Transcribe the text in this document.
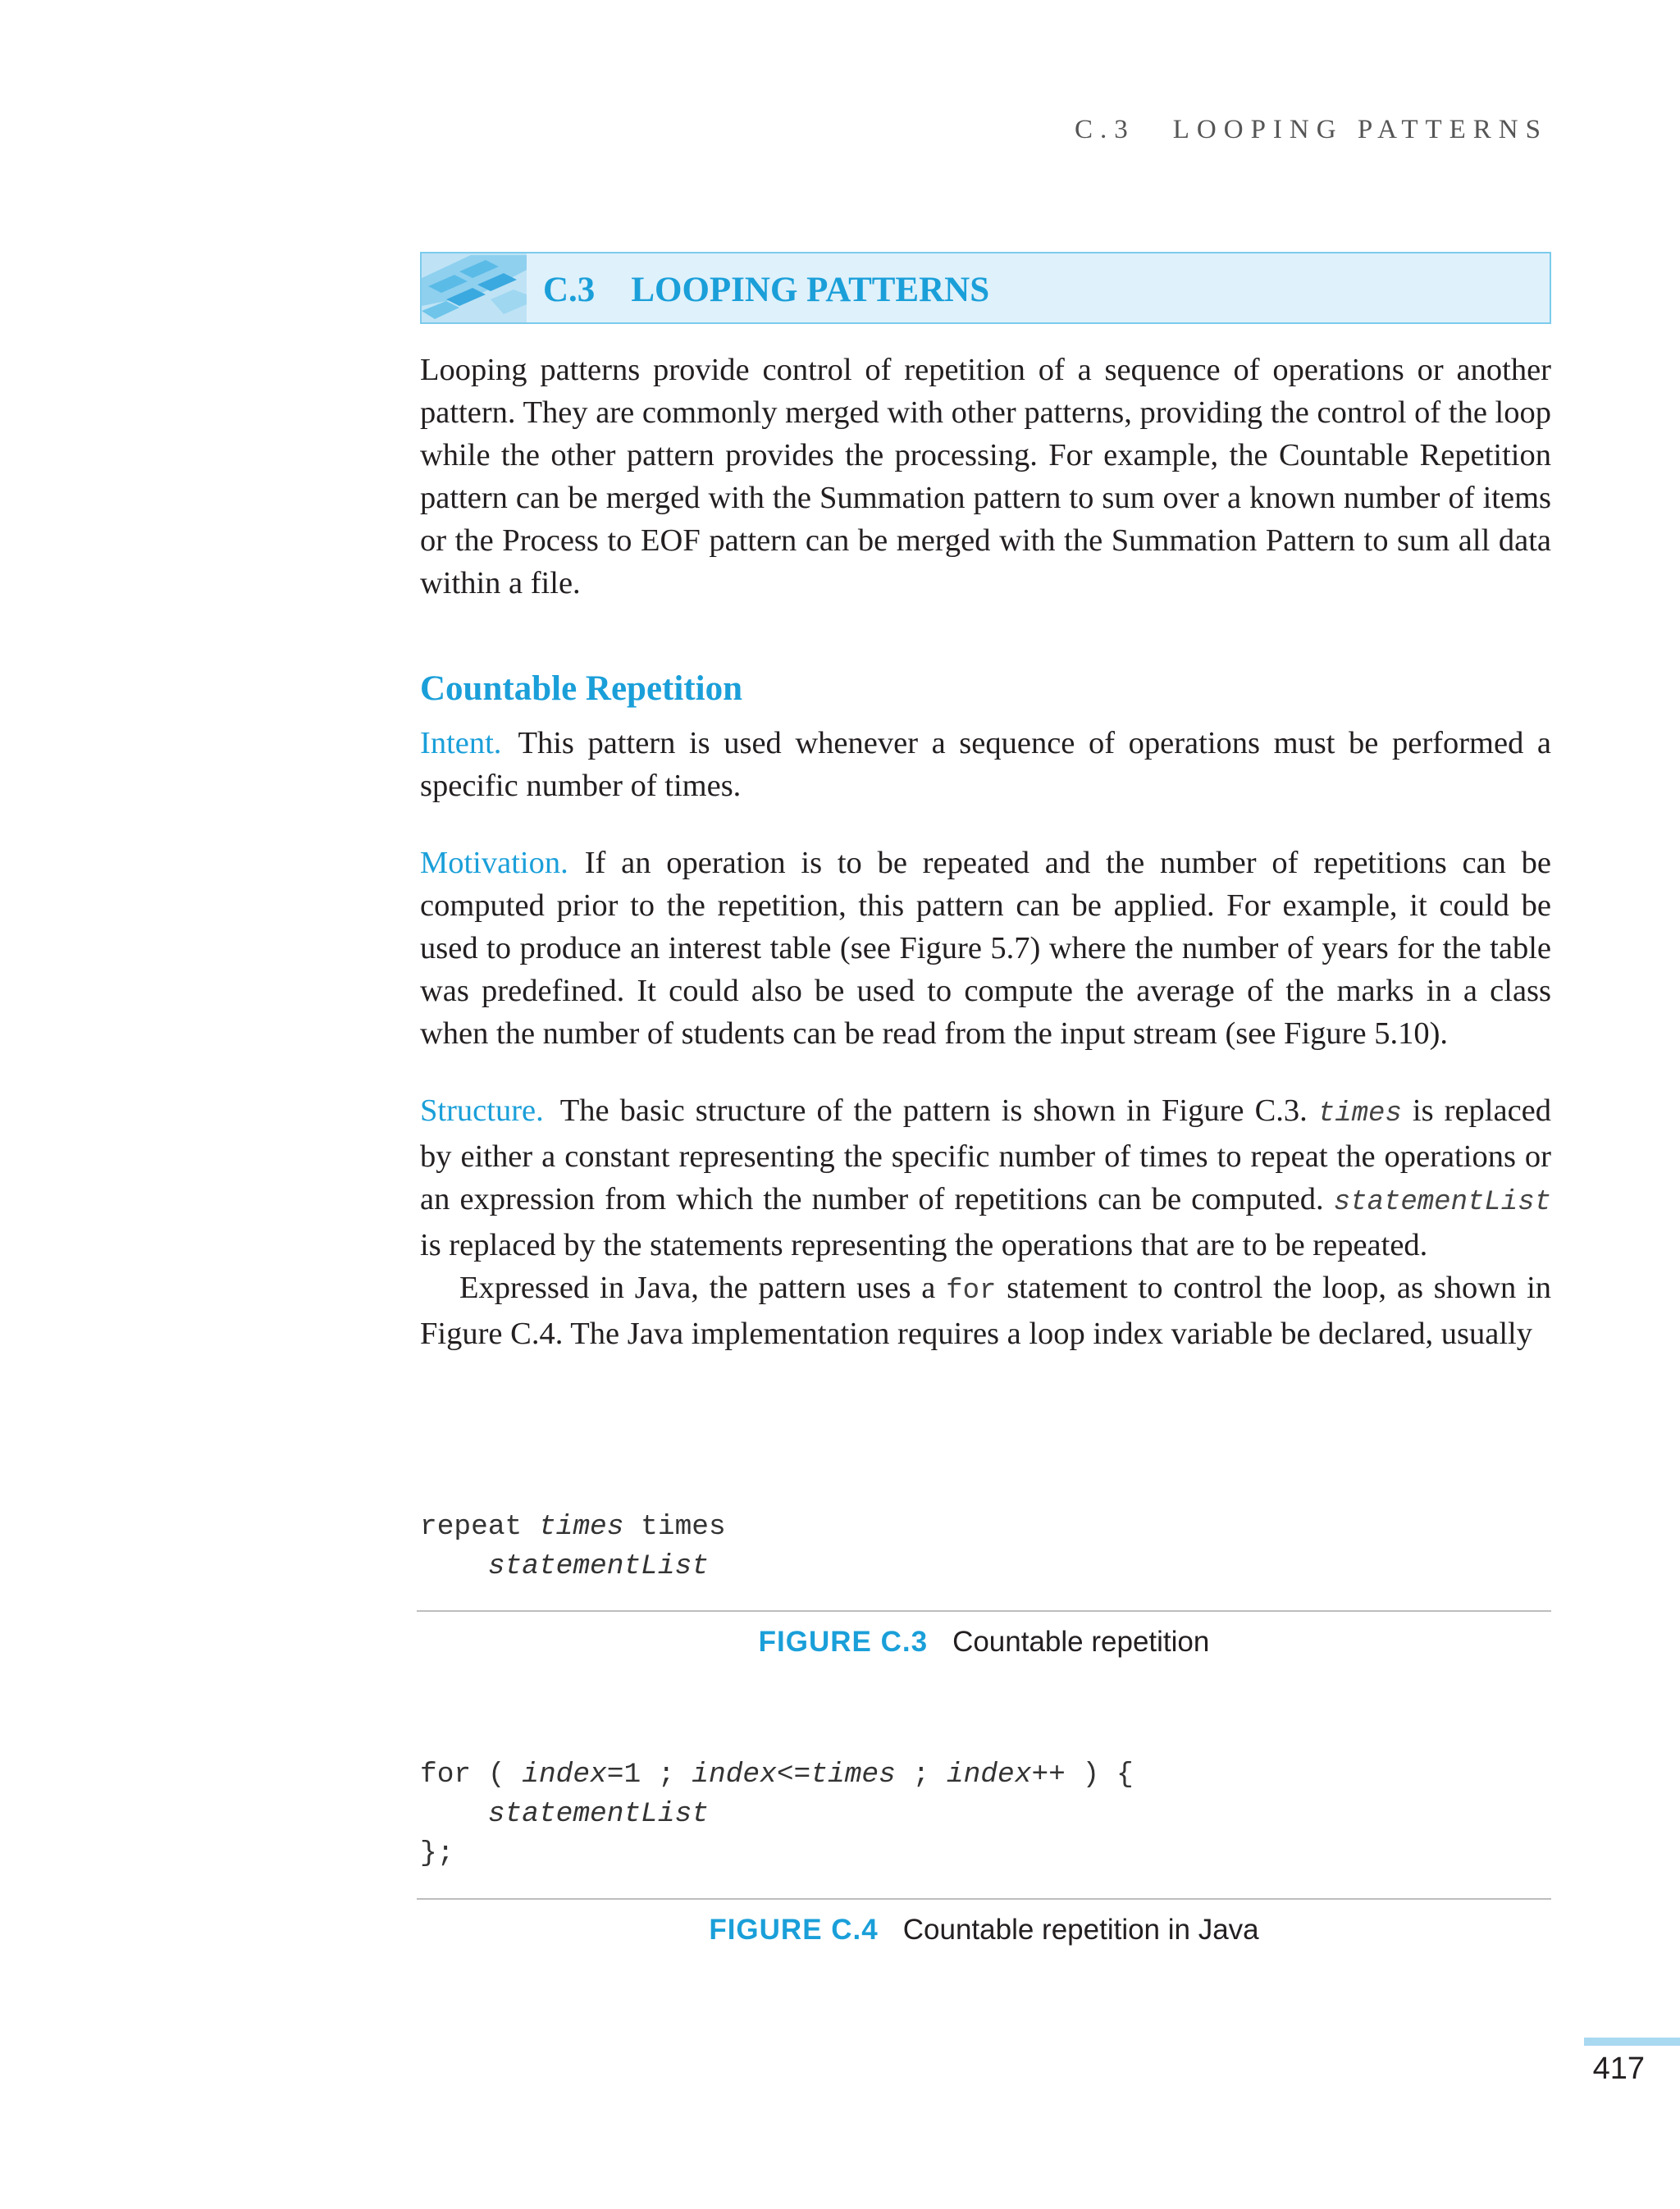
C.3 LOOPING PATTERNS
C.3 LOOPING PATTERNS

Looping patterns provide control of repetition of a sequence of operations or another pattern. They are commonly merged with other patterns, providing the control of the loop while the other pattern provides the processing. For example, the Countable Repetition pattern can be merged with the Summation pattern to sum over a known number of items or the Process to EOF pattern can be merged with the Summation Pattern to sum all data within a file.

Countable Repetition

Intent. This pattern is used whenever a sequence of operations must be performed a specific number of times.

Motivation. If an operation is to be repeated and the number of repetitions can be computed prior to the repetition, this pattern can be applied. For example, it could be used to produce an interest table (see Figure 5.7) where the number of years for the table was predefined. It could also be used to compute the average of the marks in a class when the number of students can be read from the input stream (see Figure 5.10).

Structure. The basic structure of the pattern is shown in Figure C.3. times is replaced by either a constant representing the specific number of times to repeat the operations or an expression from which the number of repetitions can be computed. statementList is replaced by the statements representing the operations that are to be repeated.

Expressed in Java, the pattern uses a for statement to control the loop, as shown in Figure C.4. The Java implementation requires a loop index variable be declared, usually

repeat times times
statementList
FIGURE C.3 Countable repetition
for ( index=1 ; index<=times ; index++ ) {
statementList
};
FIGURE C.4 Countable repetition in Java
417
